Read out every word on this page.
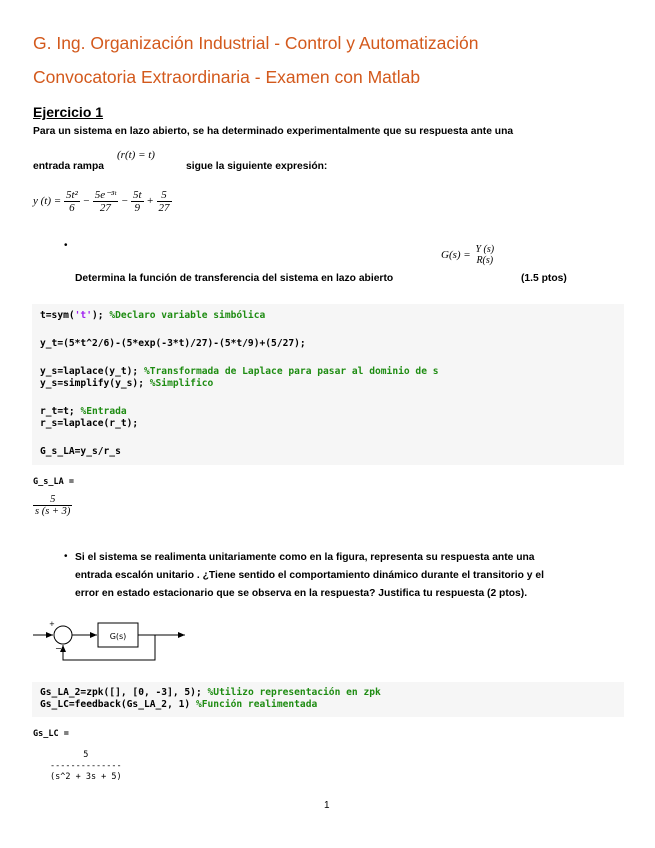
G. Ing. Organización Industrial - Control y Automatización
Convocatoria Extraordinaria - Examen con Matlab
Ejercicio 1
Para un sistema en lazo abierto, se ha determinado experimentalmente que su respuesta ante una
entrada rampa
(r(t) = t)
sigue la siguiente expresión:
y $(t) = \frac{\text{5t²}}{6} - \frac{\text{5e⁻³ᵗ}}{27} - \frac{5t}{9} + \frac{5}{27}$
•
G(s) = Y (s)
R(s)
Determina la función de transferencia del sistema en lazo abierto	(1.5 ptos)
t=sym('t'); %Declaro variable simbólica
y_t=(5*t^2/6)-(5*exp(-3*t)/27)-(5*t/9)+(5/27);
y_s=laplace(y_t); %Transformada de Laplace para pasar al dominio de s
y_s=simplify(y_s); %Simplifico
r_t=t; %Entrada
r_s=laplace(r_t);
G_s_LA=y_s/r_s
G_s_LA =
$\frac{5}{s (s + 3)}$
• Si el sistema se realimenta unitariamente como en la figura, representa su respuesta ante una
entrada escalón unitario . ¿Tiene sentido el comportamiento dinámico durante el transitorio y el
error en estado estacionario que se observa en la respuesta? Justifica tu respuesta (2 ptos).
+
−
G(s)
Gs_LA_2=zpk([], [0, -3], 5); %Utilizo representación en zpk
Gs_LC=feedback(Gs_LA_2, 1) %Función realimentada
Gs_LC =
5
--------------
(s^2 + 3s + 5)
1
